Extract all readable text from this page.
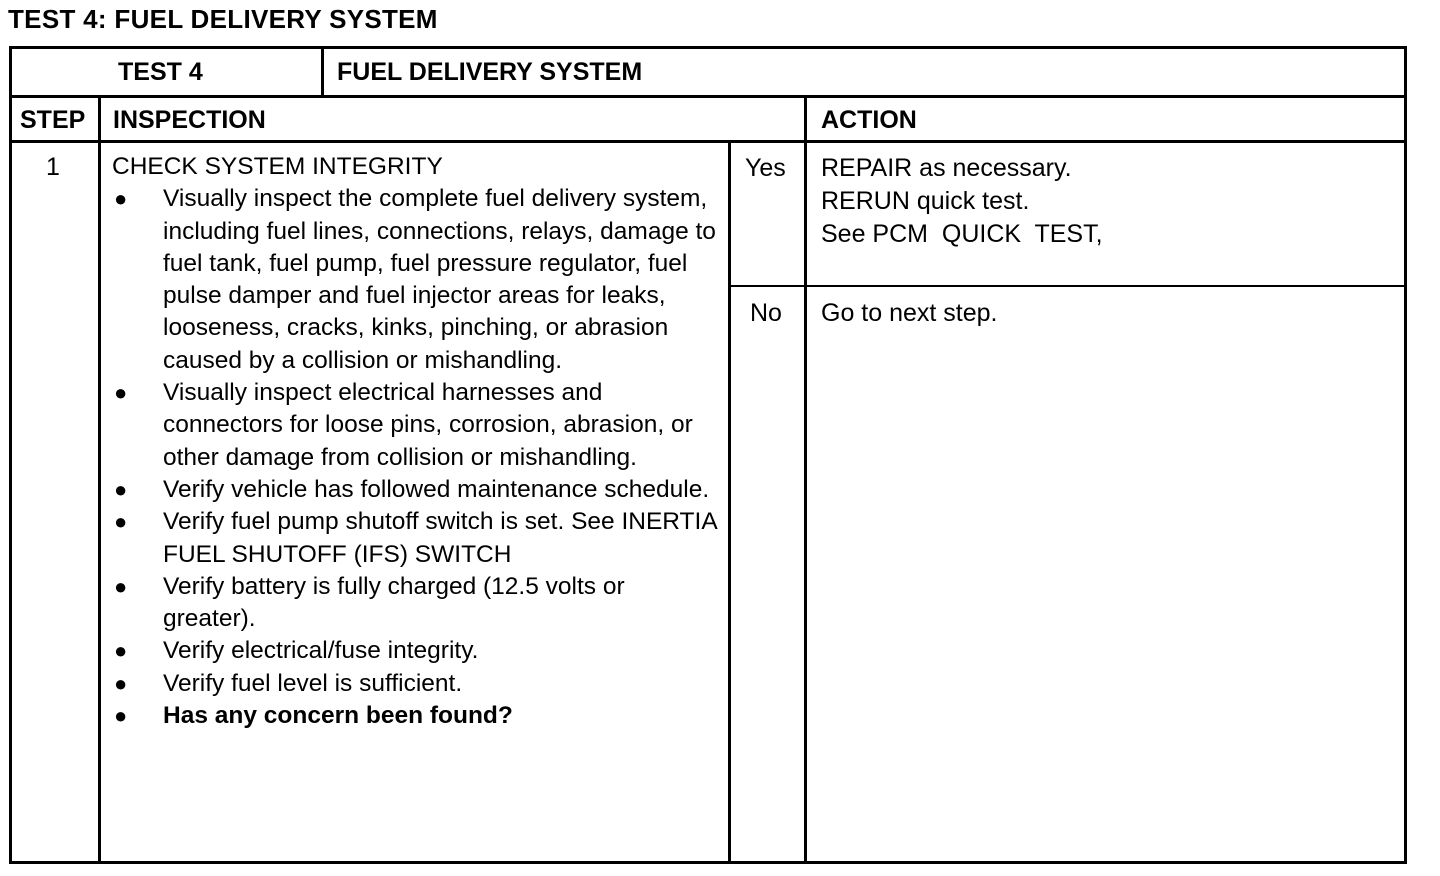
TEST 4: FUEL DELIVERY SYSTEM
TEST 4	FUEL DELIVERY SYSTEM
STEP INSPECTION	ACTION
1 CHECK SYSTEM INTEGRITY
● Visually inspect the complete fuel delivery system, including fuel lines, connections, relays, damage to fuel tank, fuel pump, fuel pressure regulator, fuel pulse damper and fuel injector areas for leaks, looseness, cracks, kinks, pinching, or abrasion caused by a collision or mishandling.
● Visually inspect electrical harnesses and connectors for loose pins, corrosion, abrasion, or other damage from collision or mishandling.
● Verify vehicle has followed maintenance schedule.
● Verify fuel pump shutoff switch is set. See INERTIA FUEL SHUTOFF (IFS) SWITCH
● Verify battery is fully charged (12.5 volts or greater).
● Verify electrical/fuse integrity.
● Verify fuel level is sufficient.
● Has any concern been found?
Yes
No
REPAIR as necessary.
RERUN quick test.
See PCM  QUICK  TEST,
Go to next step.
